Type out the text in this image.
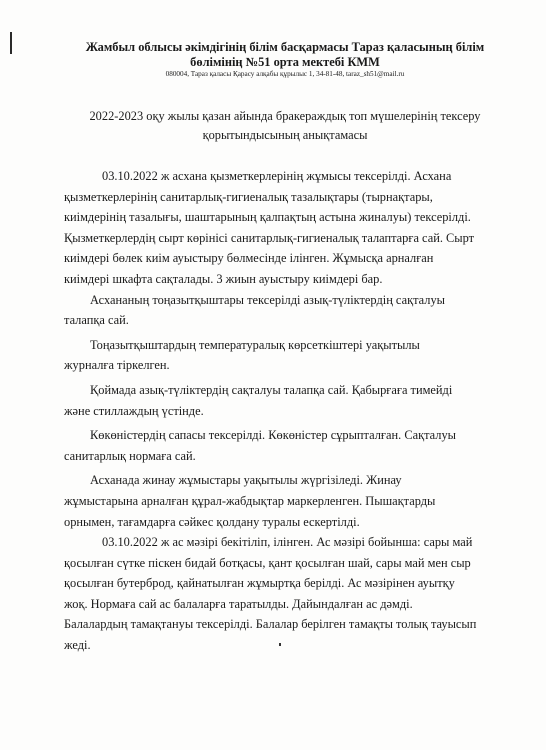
Жамбыл облысы әкімдігінің білім басқармасы Тараз қаласының білім
бөлімінің №51 орта мектебі КММ
080004, Тараз қаласы Қарасу алқабы құрылыс 1, 34-81-48, taraz_sh51@mail.ru
2022-2023 оқу жылы қазан айында бракераждық топ мүшелерінің тексеру
қорытындысының анықтамасы
03.10.2022 ж асхана қызметкерлерінің жұмысы тексерілді. Асхана
қызметкерлерінің санитарлық-гигиеналық тазалықтары (тырнақтары,
киімдерінің тазалығы, шаштарының қалпақтың астына жиналуы) тексерілді.
Қызметкерлердің сырт көрінісі санитарлық-гигиеналық талаптарға сай. Сырт
киімдері бөлек киім ауыстыру бөлмесінде ілінген. Жұмысқа арналған
киімдері шкафта сақталады. 3 жиын ауыстыру киімдері бар.
Асхананың тоңазытқыштары тексерілді азық-түліктердің сақталуы
талапқа сай.
Тоңазытқыштардың температуралық көрсеткіштері уақытылы
журналға тіркелген.
Қоймада азық-түліктердің сақталуы талапқа сай. Қабырғаға тимейді
және стиллаждың үстінде.
Көкөністердің сапасы тексерілді. Көкөністер сұрыпталған. Сақталуы
санитарлық нормаға сай.
Асханада жинау жұмыстары уақытылы жүргізіледі. Жинау
жұмыстарына арналған құрал-жабдықтар маркерленген. Пышақтарды
орнымен, тағамдарға сәйкес қолдану туралы ескертілді.
03.10.2022 ж ас мәзірі бекітіліп, ілінген. Ас мәзірі бойынша: сары май
қосылған сүтке піскен бидай ботқасы, қант қосылған шай, сары май мен сыр
қосылған бутерброд, қайнатылған жұмыртқа берілді. Ас мәзірінен ауытқу
жоқ. Нормаға сай ас балаларға таратылды. Дайындалған ас дәмді.
Балалардың тамақтануы тексерілді. Балалар берілген тамақты толық тауысып
жеді.
